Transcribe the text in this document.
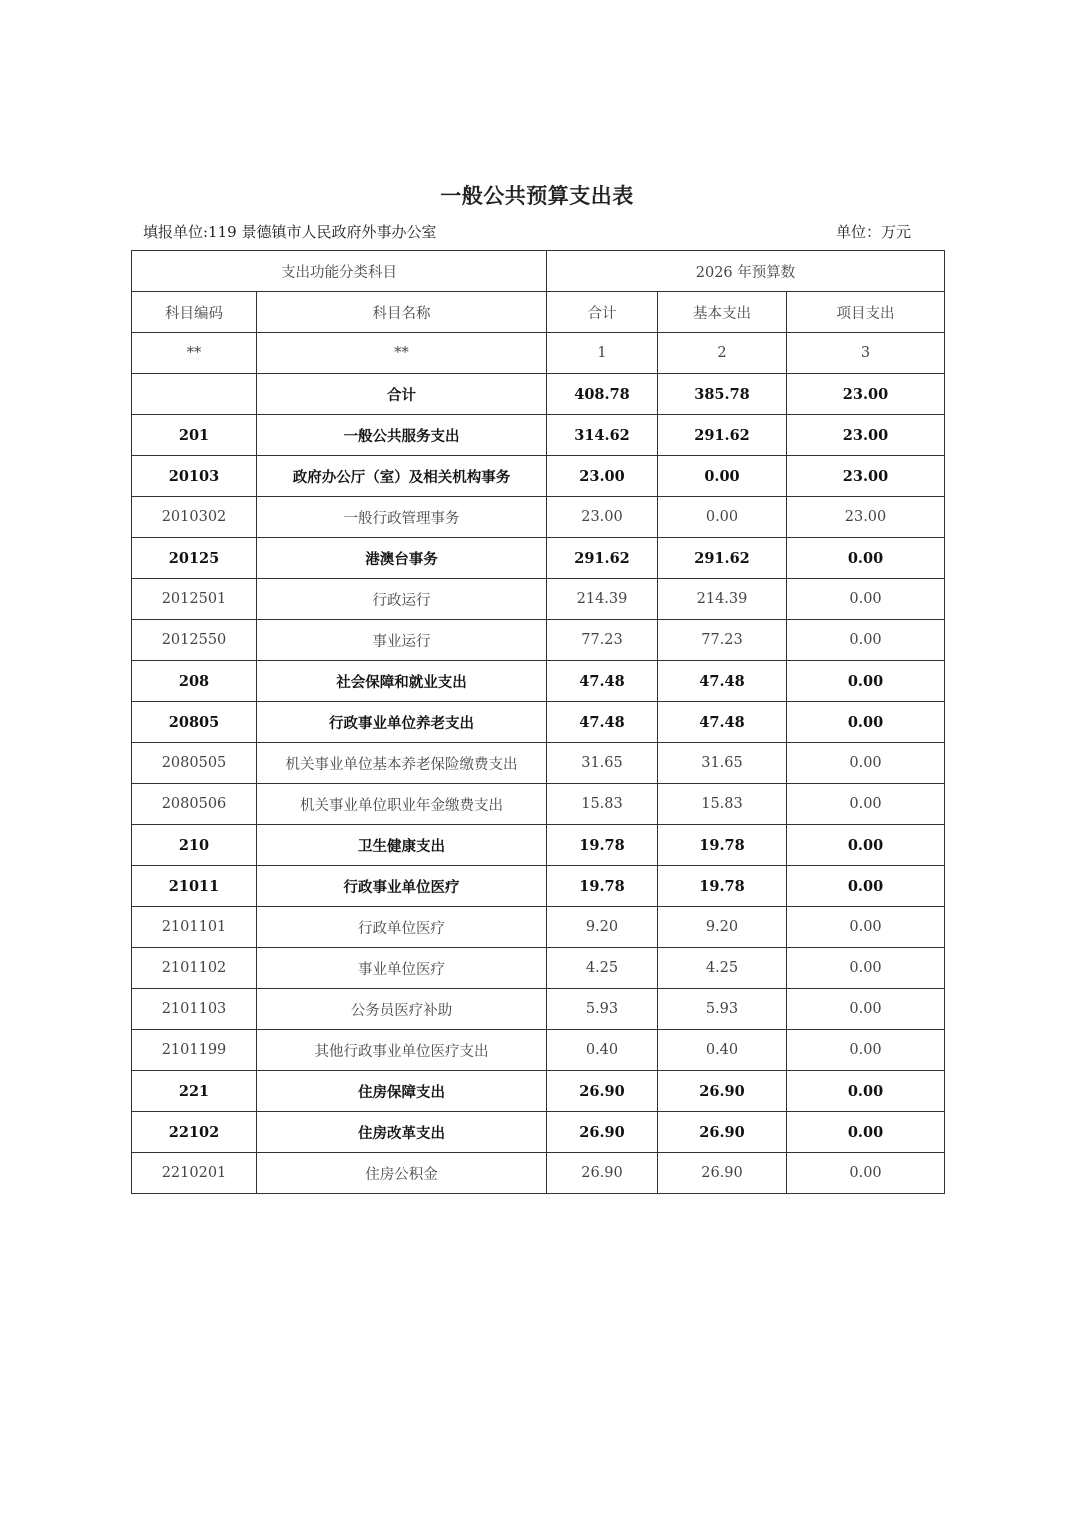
一般公共预算支出表
填报单位:119 景德镇市人民政府外事办公室	单位：万元
支出功能分类科目		2026 年预算数		
科目编码	科目名称	合计	基本支出	项目支出
**	**	1	2	3
	合计	408.78	385.78	23.00
201	一般公共服务支出	314.62	291.62	23.00
20103	政府办公厅（室）及相关机构事务	23.00	0.00	23.00
2010302	一般行政管理事务	23.00	0.00	23.00
20125	港澳台事务	291.62	291.62	0.00
2012501	行政运行	214.39	214.39	0.00
2012550	事业运行	77.23	77.23	0.00
208	社会保障和就业支出	47.48	47.48	0.00
20805	行政事业单位养老支出	47.48	47.48	0.00
2080505	机关事业单位基本养老保险缴费支出	31.65	31.65	0.00
2080506	机关事业单位职业年金缴费支出	15.83	15.83	0.00
210	卫生健康支出	19.78	19.78	0.00
21011	行政事业单位医疗	19.78	19.78	0.00
2101101	行政单位医疗	9.20	9.20	0.00
2101102	事业单位医疗	4.25	4.25	0.00
2101103	公务员医疗补助	5.93	5.93	0.00
2101199	其他行政事业单位医疗支出	0.40	0.40	0.00
221	住房保障支出	26.90	26.90	0.00
22102	住房改革支出	26.90	26.90	0.00
2210201	住房公积金	26.90	26.90	0.00
